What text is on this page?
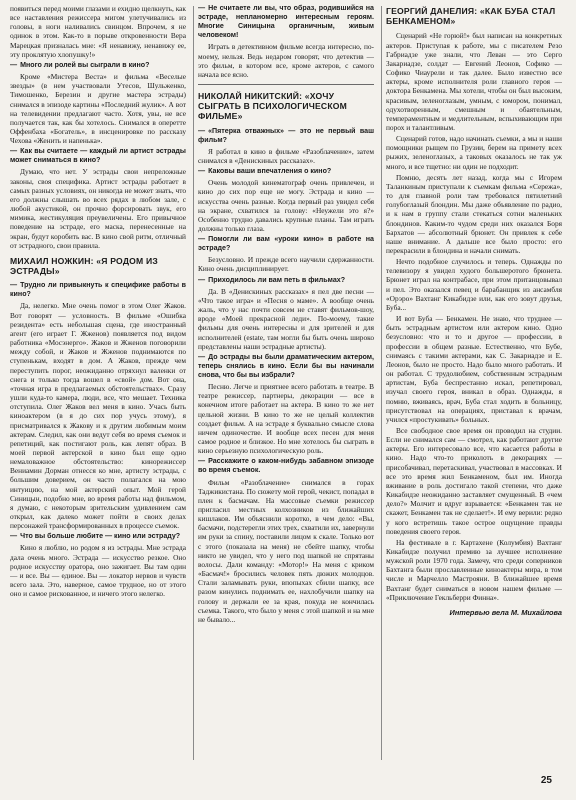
появиться перед моими глазами и ехидно щелкнуть, как все наставления режиссера мигом улетучивались из головы, в ноги наливались свинцом. Впрочем, я не одинок в этом. Как-то в порыве откровенности Вера Марецкая призналась мне: «Я ненавижу, ненавижу ее, эту проклятую хлопушку!»

— Много ли ролей вы сыграли в кино?

Кроме «Мистера Веста» и фильма «Веселые звезды» (в нем участвовали Утесов, Шульженко, Тимошенко, Березин и другие мастера эстрады) снимался в эпизоде картины «Последний жулик». А вот на телевидении предлагают часто. Хотя, увы, не все получается так, как бы хотелось. Снимался в оперетте Оффенбаха «Богатель», в инсценировке по рассказу Чехова «Женить и напенька».

— Как вы считаете — каждый ли артист эстрады может сниматься в кино?

Думаю, что нет. У эстрады свои непреложные законы, своя специфика. Артист эстрады работает в самых разных условиях, он никогда не может знать, что его должны слышать во всех рядах в любом зале, с любой акустикой, он прочно форсировать звук, его мимика, жестикуляция преувеличены. Его привычное поведение на эстраде, его маска, перенесенные на экран, будут коробить вас. В кино свой ритм, отличный от эстрадного, свои правила.

МИХАИЛ НОЖКИН: «Я РОДОМ ИЗ ЭСТРАДЫ»

— Трудно ли привыкнуть к специфике работы в кино?

Да, нелегко. Мне очень помог в этом Олег Жаков. Вот говорят — условность. В фильме «Ошибка резидента» есть небольшая сцена, где иностранный агент (его играет Г. Жженов) появляется под видом работника «Мосэнерго». Жаков и Жженов поговорили между собой, и Жаков и Жженов поднимаются по ступенькам, входят в дом. А Жаков, прежде чем переступить порог, неожиданно отряхнул валенки от снега и только тогда вошел в «свой» дом. Вот она, «точная игра в предлагаемых обстоятельствах». Сразу ушли куда-то камера, люди, все, что мешает. Техника отступила. Олег Жаков вел меня в кино. Учась быть кинoактером (в я до сих пор учусь этому), я присматривался к Жакову и к другим любимым моим актерам. Следил, как они ведут себя во время съемок и репетиций, как постигают роль, как лепят образ. В моей первой актерской в кино был еще одно немаловажное обстоятельство: кинорежиссер Вениамин Дорман отнесся ко мне, артисту эстрады, с большим доверием, он часто полагался на мою интуицию, на мой актерский опыт. Мой герой Синицын, подобно мне, во время работы над фильмом, я думаю, с некоторым зрительским удивлением сам открыл, как далеко может пойти в своих делах персонажей трансформированных в процессе съемок.

— Что вы больше любите — кино или эстраду?

Кино я люблю, но родом я из эстрады. Мне эстрада дала очень много. Эстрада — искусство резкое. Оно родное искусству оратора, оно зажигает. Вы там один — и все. Вы — единое. Вы — локатор нервов и чувств всего зала. Это, наверное, самое трудное, но от этого оно и самое рискованное, и ничего этого нелегко.

— Не считаете ли вы, что образ, родившийся на эстраде, непланомерно интересным героям. Многие Синицына органичным, живым человеком!

Играть в детективном фильме всегда интересно, по-моему, нельзя. Ведь недаром говорят, что детектив — это фильм, в котором все, кроме актеров, с самого начала все ясно.

НИКОЛАЙ НИКИТСКИЙ: «ХОЧУ СЫГРАТЬ В ПСИХОЛОГИЧЕСКОМ ФИЛЬМЕ»

— «Пятерка отважных» — это не первый ваш фильм?

Я работал в кино в фильме «Разоблачение», затем снимался в «Денискиных рассказах».

— Каковы ваши впечатления о кино?

Очень молодой кинематограф очень привлечен, и кино до сих пор еще не могу. Эстрада и кино — искусства очень разные. Когда первый раз увидел себя на экране, схватился за голову: «Неужели это я?» Особенно трудно давались крупные планы. Там играть должны только глаза.

— Помогли ли вам «уроки кино» в работе на эстраде?

Безусловно. И прежде всего научили сдержанности. Кино очень дисциплинирует.

— Приходилось ли вам петь в фильмах?

Да. В «Денискиных рассказах» я пел две песни — «Что такое игра» и «Песня о маме». А вообще очень жаль, что у нас почти совсем не ставят фильмов-шоу, вроде «Моей прекрасной леди». По-моему, такие фильмы для очень интересны и для зрителей и для исполнителей (estate, там могли бы быть очень широко представлены наши эстрадные артисты).

— До эстрады вы были драматическим актером, теперь снялись в кино. Если бы вы начинали снова, что бы вы избрали?

Песню. Легче и приятнее всего работать в театре. В театре режиссер, партнеры, декорации — все в конечном итоге работает на актера. В кино то же нет цельной жизни. В кино то же не целый коллектив создает фильм. А на эстраде я буквально смысле слова ничем одиночестве. И вообще всех песен для меня самое родное и близкое. Но мне хотелось бы сыграть в кино серьезную психологическую роль.

— Расскажите о каком-нибудь забавном эпизоде во время съемок.

Фильм «Разоблачение» снимался в горах Таджикистана. По сюжету мой герой, чекист, попадал в плен к басмачам. На массовые съемки режиссер пригласил местных колхозников из ближайших кишлаков. Им объяснили коротко, в чем дело: «Вы, басмачи, подстерегли этих трех, схватили их, завернули им руки за спину, поставили лицом к скале. Только вот с этого (показала на меня) не сбейте шапку, чтобы никто не увидел, что у него под шапкой не спрятаны волосы. Дали команду: «Мотор!» На меня с криком «Басмач!» бросились человек пять дюжих молодцов. Стали заламывать руки, впопыхах сбили шапку, все разом кинулись поднимать ее, нахлобучили шапку на голову и держали ее за края, покуда не кончилась съемка. Такого, что было у меня с этой шапкой и на мне не бывало...

ГЕОРГИЙ ДАНЕЛИЯ: «КАК БУБА СТАЛ БЕНКАМЕНОМ»

Сценарий «Не горюй!» был написан на конкретных актеров. Приступая к работе, мы с писателем Резо Габриадзе уже знали, что Леван — это Серго Закариадзе, солдат — Евгений Леонов, Софико — Софико Чиаурели и так далее. Было известно все актеры, кроме исполнителя роли главного героя — доктора Бенкамена. Мы хотели, чтобы он был высоким, красивым, зеленоглазым, умным, с юмором, понимал, одухотворенным, смешным и обаятельным, темпераментным и медлительным, вспыхивающим при порох и талантливым.

Сценарий готов, надо начинать съемки, а мы и наши помощники рыщем по Грузии, берем на примету всех рыжих, зеленоглазых, а таковых оказалось не так уж много, и все тщетно: ни один не подходит.

Помню, десять лет назад, когда мы с Игорем Таланкиным приступали к съемкам фильма «Сережа», то для главной роли там требовался пятилетний голубоглазый блондин. Мы даже объявление по радио, и к нам в группу стали стекаться сотни маленьких блондинов. Каким-то чудом среди них оказался Боря Бархатов — абсолютный брюнет. Он привлек к себе наше внимание. А дальше все было просто: его перекрасили в блондина и начали снимать.

Нечто подобное случилось и теперь. Однажды по телевизору я увидел худого большеротого брюнета. Брюнет играл на контрабасе, при этом пританцовывал и пел. Это оказался певец и барабанщик из ансамбля «Орэро» Вахтанг Кикабидзе или, как его зовут друзья, Буба...

И вот Буба — Бенкамен. Не знаю, что труднее — быть эстрадным артистом или актером кино. Одно безусловно: что и то и другое — профессии, в профессии в общем разные. Естественно, что Бубе, снимаясь с такими актерами, как С. Закариадзе и Е. Леонов, было не просто. Надо было много работать. И он работал. С трудолюбием, собственным эстрадным артистам, Буба беспрестанно искал, репетировал, изучал своего героя, вникал в образ. Однажды, я помню, вживаясь, врач, Буба стал ходить в больницу, присутствовал на операциях, приставал к врачам, учился «простукивать» больных.

Все свободное свое время он проводил на студии. Если не снимался сам — смотрел, как работают другие актеры. Его интересовало все, что касается работы в кино. Надо что-то приколоть в декорациях — присобачивал, перетаскивал, участвовал в массовках. И все это время жил Бенкаменом, был им. Иногда вживание в роль достигало такой степени, что даже Кикабидзе неожиданно заставляет смущенный. В «чем дело?» Молчит и вдруг взрывается: «Бенкамен так не скажет, Бенкамен так не сделает!». И ему верили: редко у кого встретишь такое острое ощущение правды поведения своего героя.

На фестивале в г. Картахене (Колумбия) Вахтанг Кикабидзе получил премию за лучшее исполнение мужской роли 1970 года. Замечу, что среди соперников Бахтанга были прославленные киноактеры мира, в том числе и Марчелло Мастрояни. В ближайшее время Вахтанг будет сниматься в новом нашем фильме — «Приключение Гекльберри Финна».

Интервью вела М. Михайлова
25
